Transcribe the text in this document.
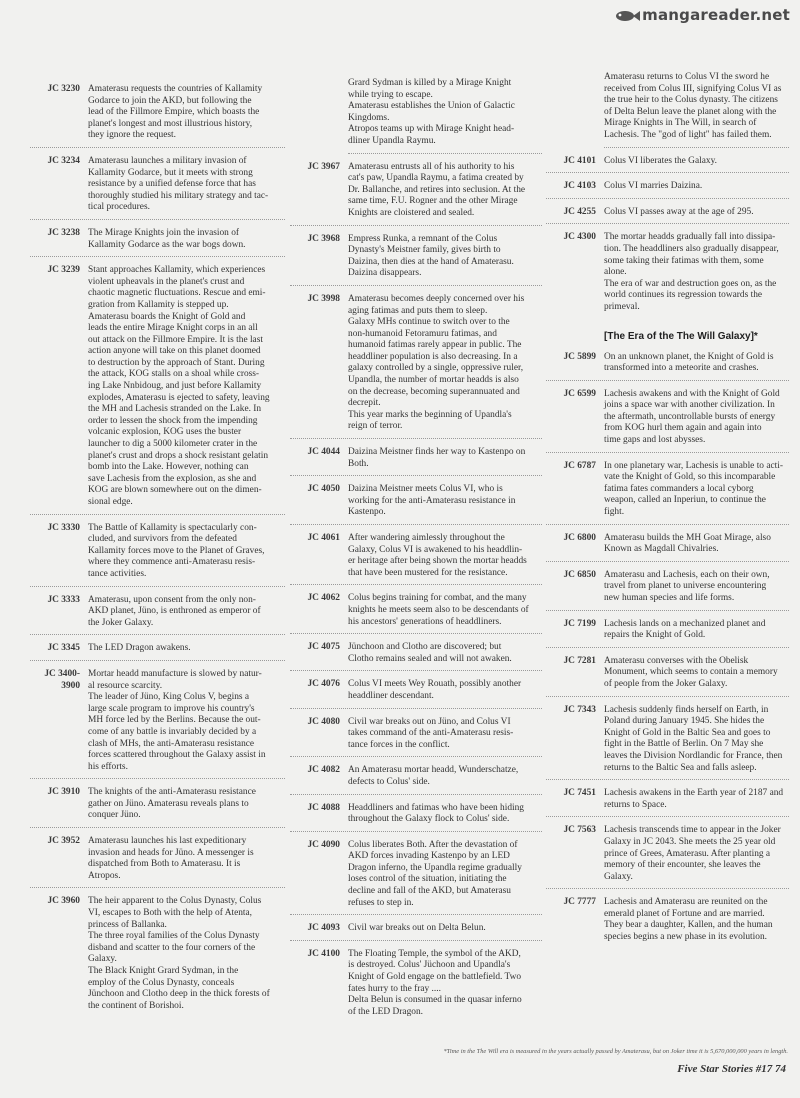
mangareader.net
JC 3230 Amaterasu requests the countries of Kallamity
Godarce to join the AKD, but following the
lead of the Fillmore Empire, which boasts the
planet's longest and most illustrious history,
they ignore the request.
JC 3234 Amaterasu launches a military invasion of
Kallamity Godarce, but it meets with strong
resistance by a unified defense force that has
thoroughly studied his military strategy and tac-
tical procedures.
JC 3238 The Mirage Knights join the invasion of
Kallamity Godarce as the war bogs down.
JC 3239 Stant approaches Kallamity, which experiences
violent upheavals in the planet's crust and
chaotic magnetic fluctuations. Rescue and emi-
gration from Kallamity is stepped up.
Amaterasu boards the Knight of Gold and
leads the entire Mirage Knight corps in an all
out attack on the Fillmore Empire. It is the last
action anyone will take on this planet doomed
to destruction by the approach of Stant. During
the attack, KOG stalls on a shoal while cross-
ing Lake Nnbidoug, and just before Kallamity
explodes, Amaterasu is ejected to safety, leaving
the MH and Lachesis stranded on the Lake. In
order to lessen the shock from the impending
volcanic explosion, KOG uses the buster
launcher to dig a 5000 kilometer crater in the
planet's crust and drops a shock resistant gelatin
bomb into the Lake. However, nothing can
save Lachesis from the explosion, as she and
KOG are blown somewhere out on the dimen-
sional edge.
JC 3330 The Battle of Kallamity is spectacularly con-
cluded, and survivors from the defeated
Kallamity forces move to the Planet of Graves,
where they commence anti-Amaterasu resis-
tance activities.
JC 3333 Amaterasu, upon consent from the only non-
AKD planet, Jüno, is enthroned as emperor of
the Joker Galaxy.
JC 3345 The LED Dragon awakens.
JC 3400-
3900
Mortar headd manufacture is slowed by natur-
al resource scarcity.
The leader of Jüno, King Colus V, begins a
large scale program to improve his country's
MH force led by the Berlins. Because the out-
come of any battle is invariably decided by a
clash of MHs, the anti-Amaterasu resistance
forces scattered throughout the Galaxy assist in
his efforts.
JC 3910 The knights of the anti-Amaterasu resistance
gather on Jüno. Amaterasu reveals plans to
conquer Jüno.
JC 3952 Amaterasu launches his last expeditionary
invasion and heads for Jüno. A messenger is
dispatched from Both to Amaterasu. It is
Atropos.
JC 3960 The heir apparent to the Colus Dynasty, Colus
VI, escapes to Both with the help of Atenta,
princess of Ballanka.
The three royal families of the Colus Dynasty
disband and scatter to the four corners of the
Galaxy.
The Black Knight Grard Sydman, in the
employ of the Colus Dynasty, conceals
Jünchoon and Clotho deep in the thick forests of
the continent of Borishoi.
Grard Sydman is killed by a Mirage Knight
while trying to escape.
Amaterasu establishes the Union of Galactic
Kingdoms.
Atropos teams up with Mirage Knight head-
dliner Upandla Raymu.
JC 3967 Amaterasu entrusts all of his authority to his
cat's paw, Upandla Raymu, a fatima created by
Dr. Ballanche, and retires into seclusion. At the
same time, F.U. Rogner and the other Mirage
Knights are cloistered and sealed.
JC 3968 Empress Runka, a remnant of the Colus
Dynasty's Meistner family, gives birth to
Daizina, then dies at the hand of Amaterasu.
Daizina disappears.
JC 3998 Amaterasu becomes deeply concerned over his
aging fatimas and puts them to sleep.
Galaxy MHs continue to switch over to the
non-humanoid Fetoramuru fatimas, and
humanoid fatimas rarely appear in public. The
headdliner population is also decreasing. In a
galaxy controlled by a single, oppressive ruler,
Upandla, the number of mortar headds is also
on the decrease, becoming superannuated and
decrepit.
This year marks the beginning of Upandla's
reign of terror.
JC 4044 Daizina Meistner finds her way to Kastenpo on
Both.
JC 4050 Daizina Meistner meets Colus VI, who is
working for the anti-Amaterasu resistance in
Kastenpo.
JC 4061 After wandering aimlessly throughout the
Galaxy, Colus VI is awakened to his headdlin-
er heritage after being shown the mortar headds
that have been mustered for the resistance.
JC 4062 Colus begins training for combat, and the many
knights he meets seem also to be descendants of
his ancestors' generations of headdliners.
JC 4075 Jünchoon and Clotho are discovered; but
Clotho remains sealed and will not awaken.
JC 4076 Colus VI meets Wey Rouath, possibly another
headdliner descendant.
JC 4080 Civil war breaks out on Jüno, and Colus VI
takes command of the anti-Amaterasu resis-
tance forces in the conflict.
JC 4082 An Amaterasu mortar headd, Wunderschatze,
defects to Colus' side.
JC 4088 Headdliners and fatimas who have been hiding
throughout the Galaxy flock to Colus' side.
JC 4090 Colus liberates Both. After the devastation of
AKD forces invading Kastenpo by an LED
Dragon inferno, the Upandla regime gradually
loses control of the situation, initiating the
decline and fall of the AKD, but Amaterasu
refuses to step in.
JC 4093 Civil war breaks out on Delta Belun.
JC 4100 The Floating Temple, the symbol of the AKD,
is destroyed. Colus' Jüchoon and Upandla's
Knight of Gold engage on the battlefield. Two
fates hurry to the fray ....
Delta Belun is consumed in the quasar inferno
of the LED Dragon.
Amaterasu returns to Colus VI the sword he
received from Colus III, signifying Colus VI as
the true heir to the Colus dynasty. The citizens
of Delta Belun leave the planet along with the
Mirage Knights in The Will, in search of
Lachesis. The "god of light" has failed them.
JC 4101 Colus VI liberates the Galaxy.
JC 4103 Colus VI marries Daizina.
JC 4255 Colus VI passes away at the age of 295.
JC 4300 The mortar headds gradually fall into dissipa-
tion. The headdliners also gradually disappear,
some taking their fatimas with them, some
alone.
The era of war and destruction goes on, as the
world continues its regression towards the
primeval.
[The Era of the The Will Galaxy]*
JC 5899 On an unknown planet, the Knight of Gold is
transformed into a meteorite and crashes.
JC 6599 Lachesis awakens and with the Knight of Gold
joins a space war with another civilization. In
the aftermath, uncontrollable bursts of energy
from KOG hurl them again and again into
time gaps and lost abysses.
JC 6787 In one planetary war, Lachesis is unable to acti-
vate the Knight of Gold, so this incomparable
fatima fates commanders a local cyborg
weapon, called an Inperiun, to continue the
fight.
JC 6800 Amaterasu builds the MH Goat Mirage, also
Known as Magdall Chivalries.
JC 6850 Amaterasu and Lachesis, each on their own,
travel from planet to universe encountering
new human species and life forms.
JC 7199 Lachesis lands on a mechanized planet and
repairs the Knight of Gold.
JC 7281 Amaterasu converses with the Obelisk
Monument, which seems to contain a memory
of people from the Joker Galaxy.
JC 7343 Lachesis suddenly finds herself on Earth, in
Poland during January 1945. She hides the
Knight of Gold in the Baltic Sea and goes to
fight in the Battle of Berlin. On 7 May she
leaves the Division Nordlandic for France, then
returns to the Baltic Sea and falls asleep.
JC 7451 Lachesis awakens in the Earth year of 2187 and
returns to Space.
JC 7563 Lachesis transcends time to appear in the Joker
Galaxy in JC 2043. She meets the 25 year old
prince of Grees, Amaterasu. After planting a
memory of their encounter, she leaves the
Galaxy.
JC 7777 Lachesis and Amaterasu are reunited on the
emerald planet of Fortune and are married.
They bear a daughter, Kallen, and the human
species begins a new phase in its evolution.
*Time in the The Will era is measured in the years actually passed by Amaterasu, but on Joker time it is 5,670,000,000 years in length.
Five Star Stories #17 74
